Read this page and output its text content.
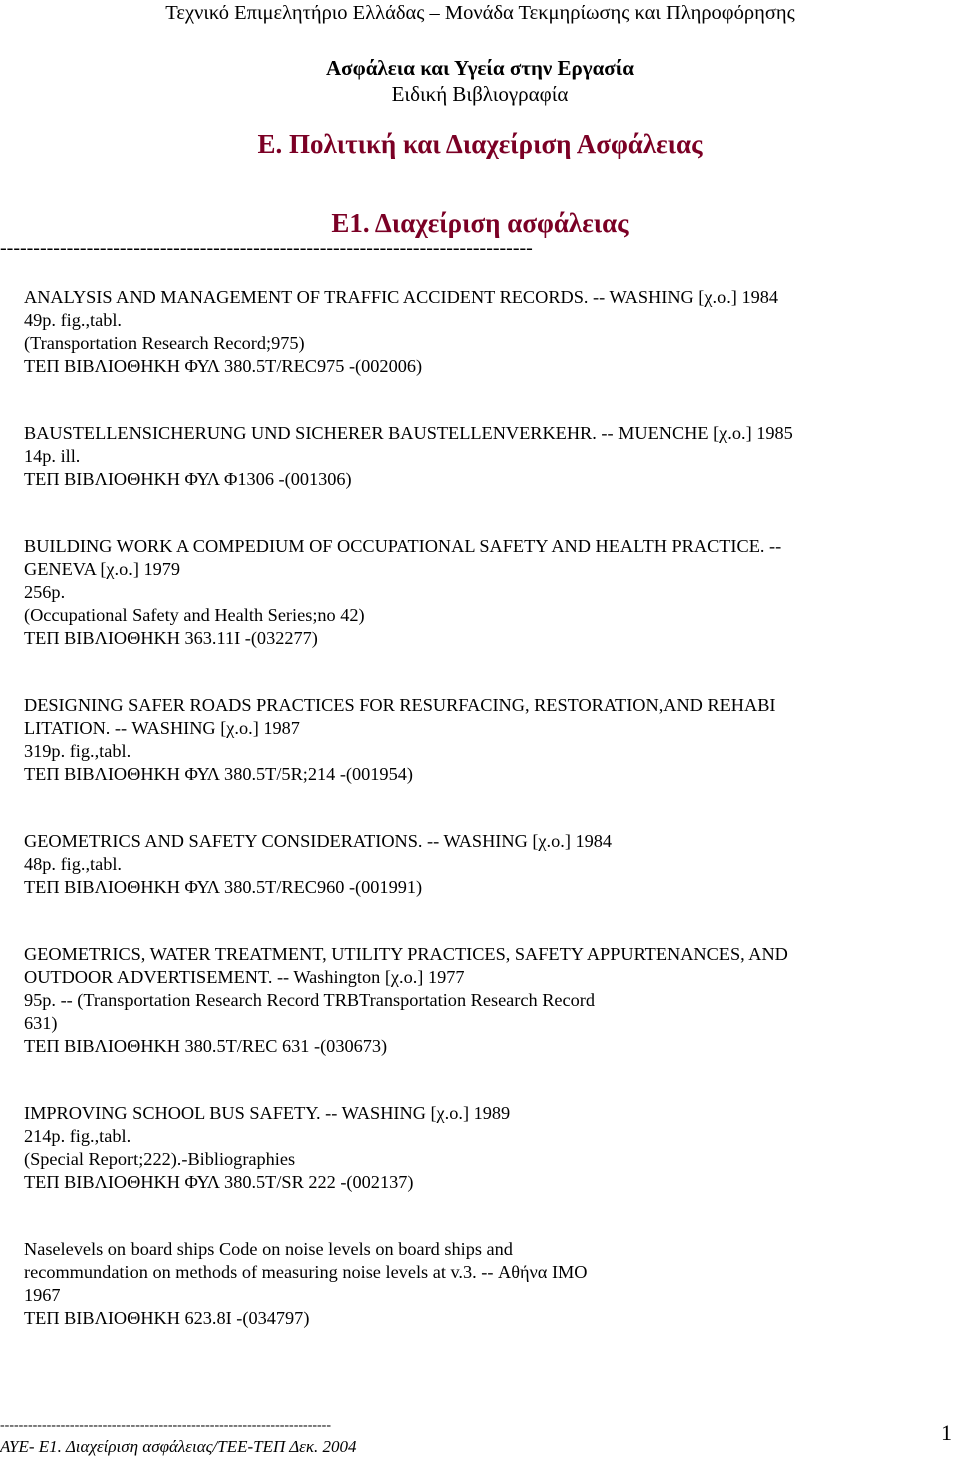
Τεχνικό Επιμελητήριο Ελλάδας – Μονάδα Τεκμηρίωσης και Πληροφόρησης
Ασφάλεια και Υγεία στην Εργασία
Ειδική Βιβλιογραφία
Ε. Πολιτική και Διαχείριση Ασφάλειας
Ε1. Διαχείριση ασφάλειας
--------------------------------------------------------------------------------
ANALYSIS AND MANAGEMENT OF TRAFFIC ACCIDENT RECORDS. -- WASHING [χ.ο.] 1984
49p. fig.,tabl.
(Transportation Research Record;975)
ΤΕΠ ΒΙΒΛΙΟΘΗΚΗ ΦΥΛ 380.5T/REC975 -(002006)
BAUSTELLENSICHERUNG UND SICHERER BAUSTELLENVERKEHR. -- MUENCHE [χ.ο.] 1985
14p. ill.
ΤΕΠ ΒΙΒΛΙΟΘΗΚΗ ΦΥΛ Φ1306 -(001306)
BUILDING WORK A COMPEDIUM OF OCCUPATIONAL SAFETY AND HEALTH PRACTICE. --
GENEVA [χ.ο.] 1979
256p.
(Occupational Safety and Health Series;no 42)
ΤΕΠ ΒΙΒΛΙΟΘΗΚΗ 363.11I -(032277)
DESIGNING SAFER ROADS PRACTICES FOR RESURFACING, RESTORATION,AND REHABI
LITATION. -- WASHING [χ.ο.] 1987
319p. fig.,tabl.
ΤΕΠ ΒΙΒΛΙΟΘΗΚΗ ΦΥΛ 380.5T/5R;214 -(001954)
GEOMETRICS AND SAFETY CONSIDERATIONS. -- WASHING [χ.ο.] 1984
48p. fig.,tabl.
ΤΕΠ ΒΙΒΛΙΟΘΗΚΗ ΦΥΛ 380.5T/REC960 -(001991)
GEOMETRICS, WATER TREATMENT, UTILITY PRACTICES, SAFETY APPURTENANCES, AND
OUTDOOR ADVERTISEMENT. -- Washington [χ.ο.] 1977
95p. -- (Transportation Research Record TRBTransportation Research Record
631)
ΤΕΠ ΒΙΒΛΙΟΘΗΚΗ 380.5T/REC 631 -(030673)
IMPROVING SCHOOL BUS SAFETY. -- WASHING [χ.ο.] 1989
214p. fig.,tabl.
(Special Report;222).-Bibliographies
ΤΕΠ ΒΙΒΛΙΟΘΗΚΗ ΦΥΛ 380.5T/SR 222 -(002137)
Naselevels on board ships Code on noise levels on board ships and
recommundation on methods of measuring noise levels at v.3. -- Αθήνα IMO
1967
ΤΕΠ ΒΙΒΛΙΟΘΗΚΗ 623.8I -(034797)
-----------------------------------------------------------------------
ΑΥΕ- Ε1. Διαχείριση ασφάλειας/ΤΕΕ-ΤΕΠ Δεκ. 2004
1
